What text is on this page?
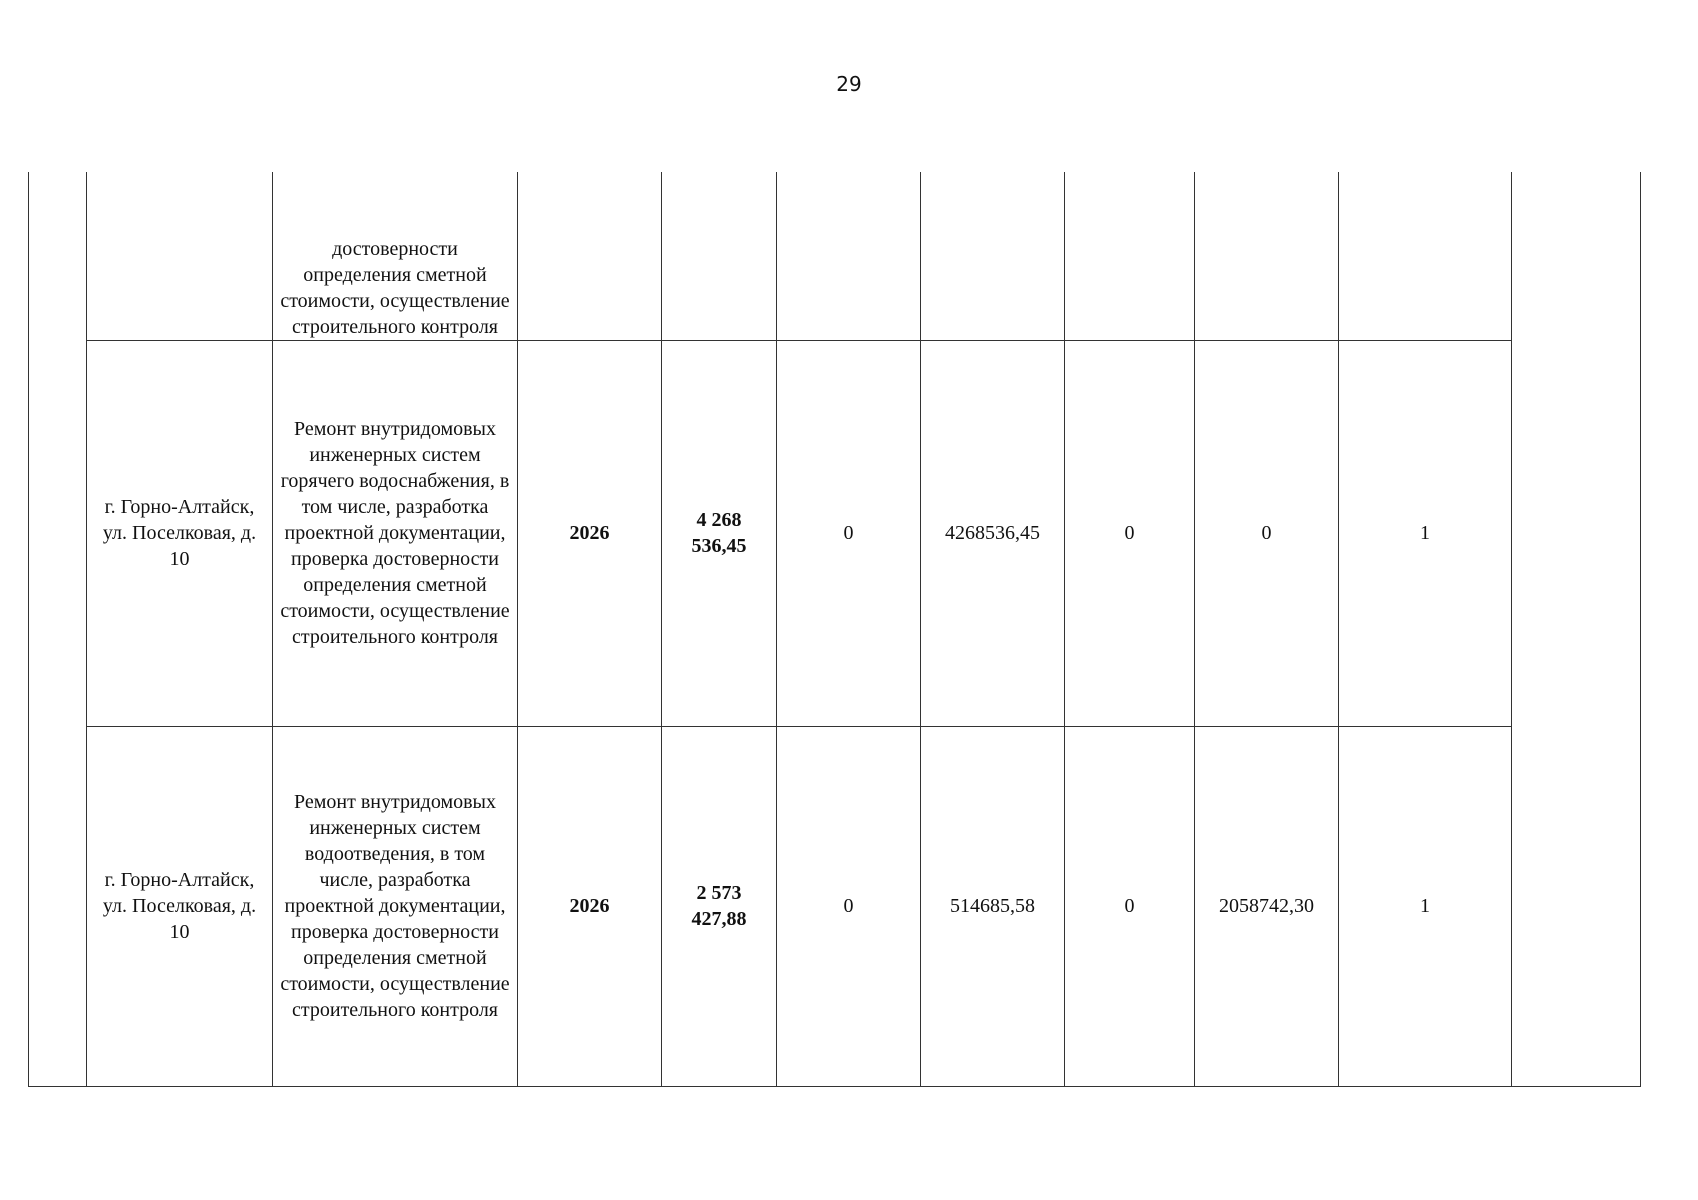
29
		достоверности определения сметной стоимости, осуществление строительного контроля								
	г. Горно-Алтайск, ул. Поселковая, д. 10	Ремонт внутридомовых инженерных систем горячего водоснабжения, в том числе, разработка проектной документации, проверка достоверности определения сметной стоимости, осуществление строительного контроля	2026	4 268 536,45	0	4268536,45	0	0	1	
	г. Горно-Алтайск, ул. Поселковая, д. 10	Ремонт внутридомовых инженерных систем водоотведения, в том числе, разработка проектной документации, проверка достоверности определения сметной стоимости, осуществление строительного контроля	2026	2 573 427,88	0	514685,58	0	2058742,30	1	
